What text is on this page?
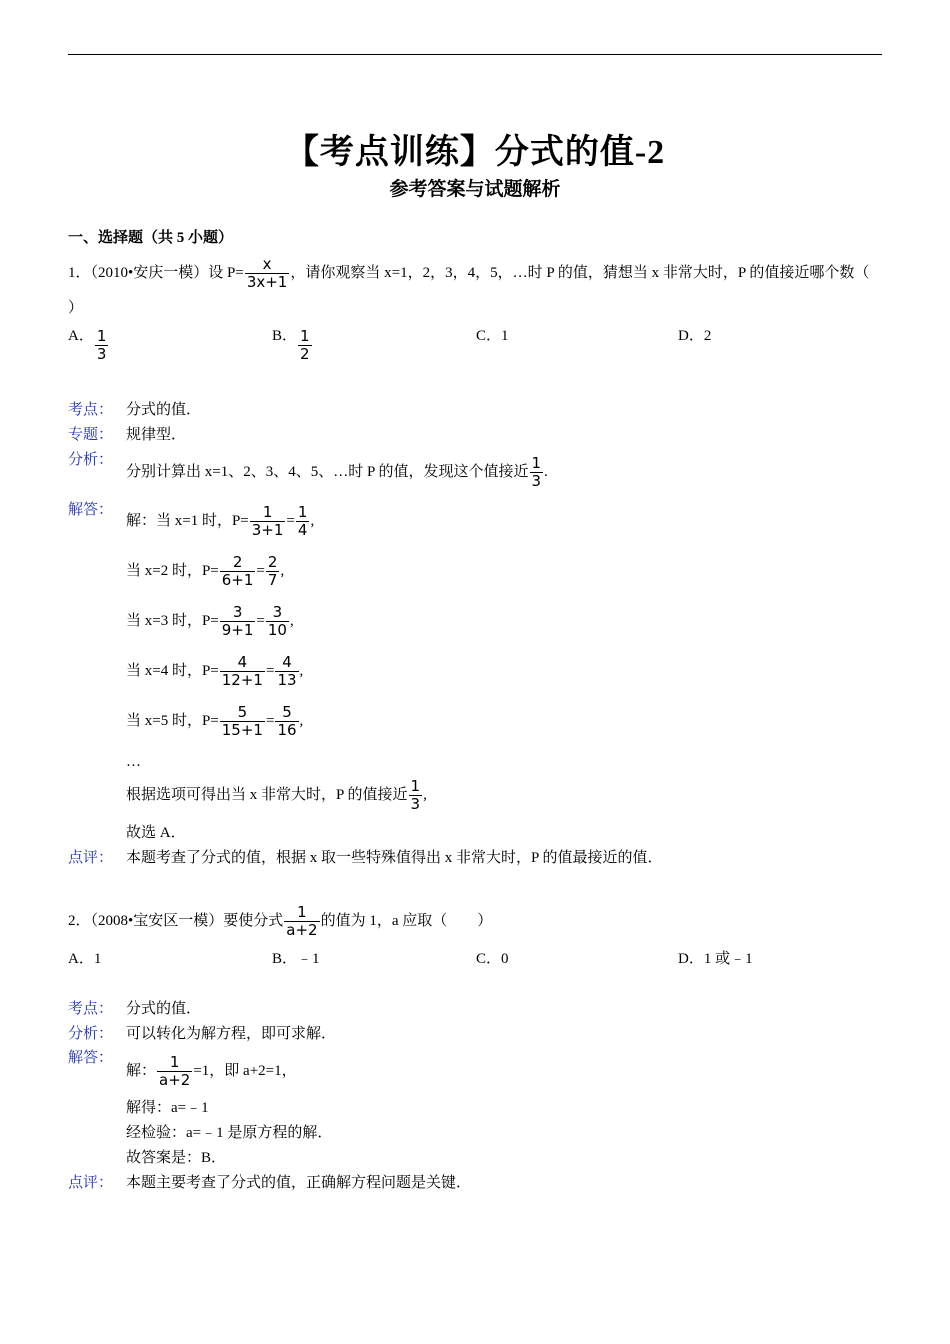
【考点训练】分式的值-2
参考答案与试题解析
一、选择题（共 5 小题）
1．（2010•安庆一模）设 $P= \frac{x}{3x+1}$ ，请你观察当 x=1，2，3，4，5，…时 P 的值，猜想当 x 非常大时，P 的值接近哪个数（
）
A． $\frac{1}{3}$	B． $\frac{1}{2}$	C．1	D．2
考点： 分式的值．
专题： 规律型．
分析：
分别计算出 x=1、2、3、4、5、…时 P 的值，发现这个值接近 $\frac{1}{3}$ .
解答：
解：当 x=1 时，$P= \frac{1}{3+1} = \frac{1}{4}$ ,
当 x=2 时，$P= \frac{2}{6+1} = \frac{2}{7}$ ,
当 x=3 时，$P= \frac{3}{9+1} = \frac{3}{10}$ ,
当 x=4 时，$P= \frac{4}{12+1} = \frac{4}{13}$ ,
当 x=5 时，$P= \frac{5}{15+1} = \frac{5}{16}$ ,
…
根据选项可得出当 x 非常大时，P 的值接近 $\frac{1}{3}$ ,
故选 A．
点评： 本题考查了分式的值，根据 x 取一些特殊值得出 x 非常大时，P 的值最接近的值．
2．（2008•宝安区一模）要使分式 $\frac{1}{a+2}$ 的值为 1，a 应取（　　）
A．1	B．﹣1	C．0	D．1 或﹣1
考点： 分式的值．
分析： 可以转化为解方程，即可求解．
解答：
解： $\frac{1}{a+2} =1$，即 a+2=1，
解得：a=﹣1
经检验：a=﹣1 是原方程的解．
故答案是：B．
点评： 本题主要考查了分式的值，正确解方程问题是关键．
